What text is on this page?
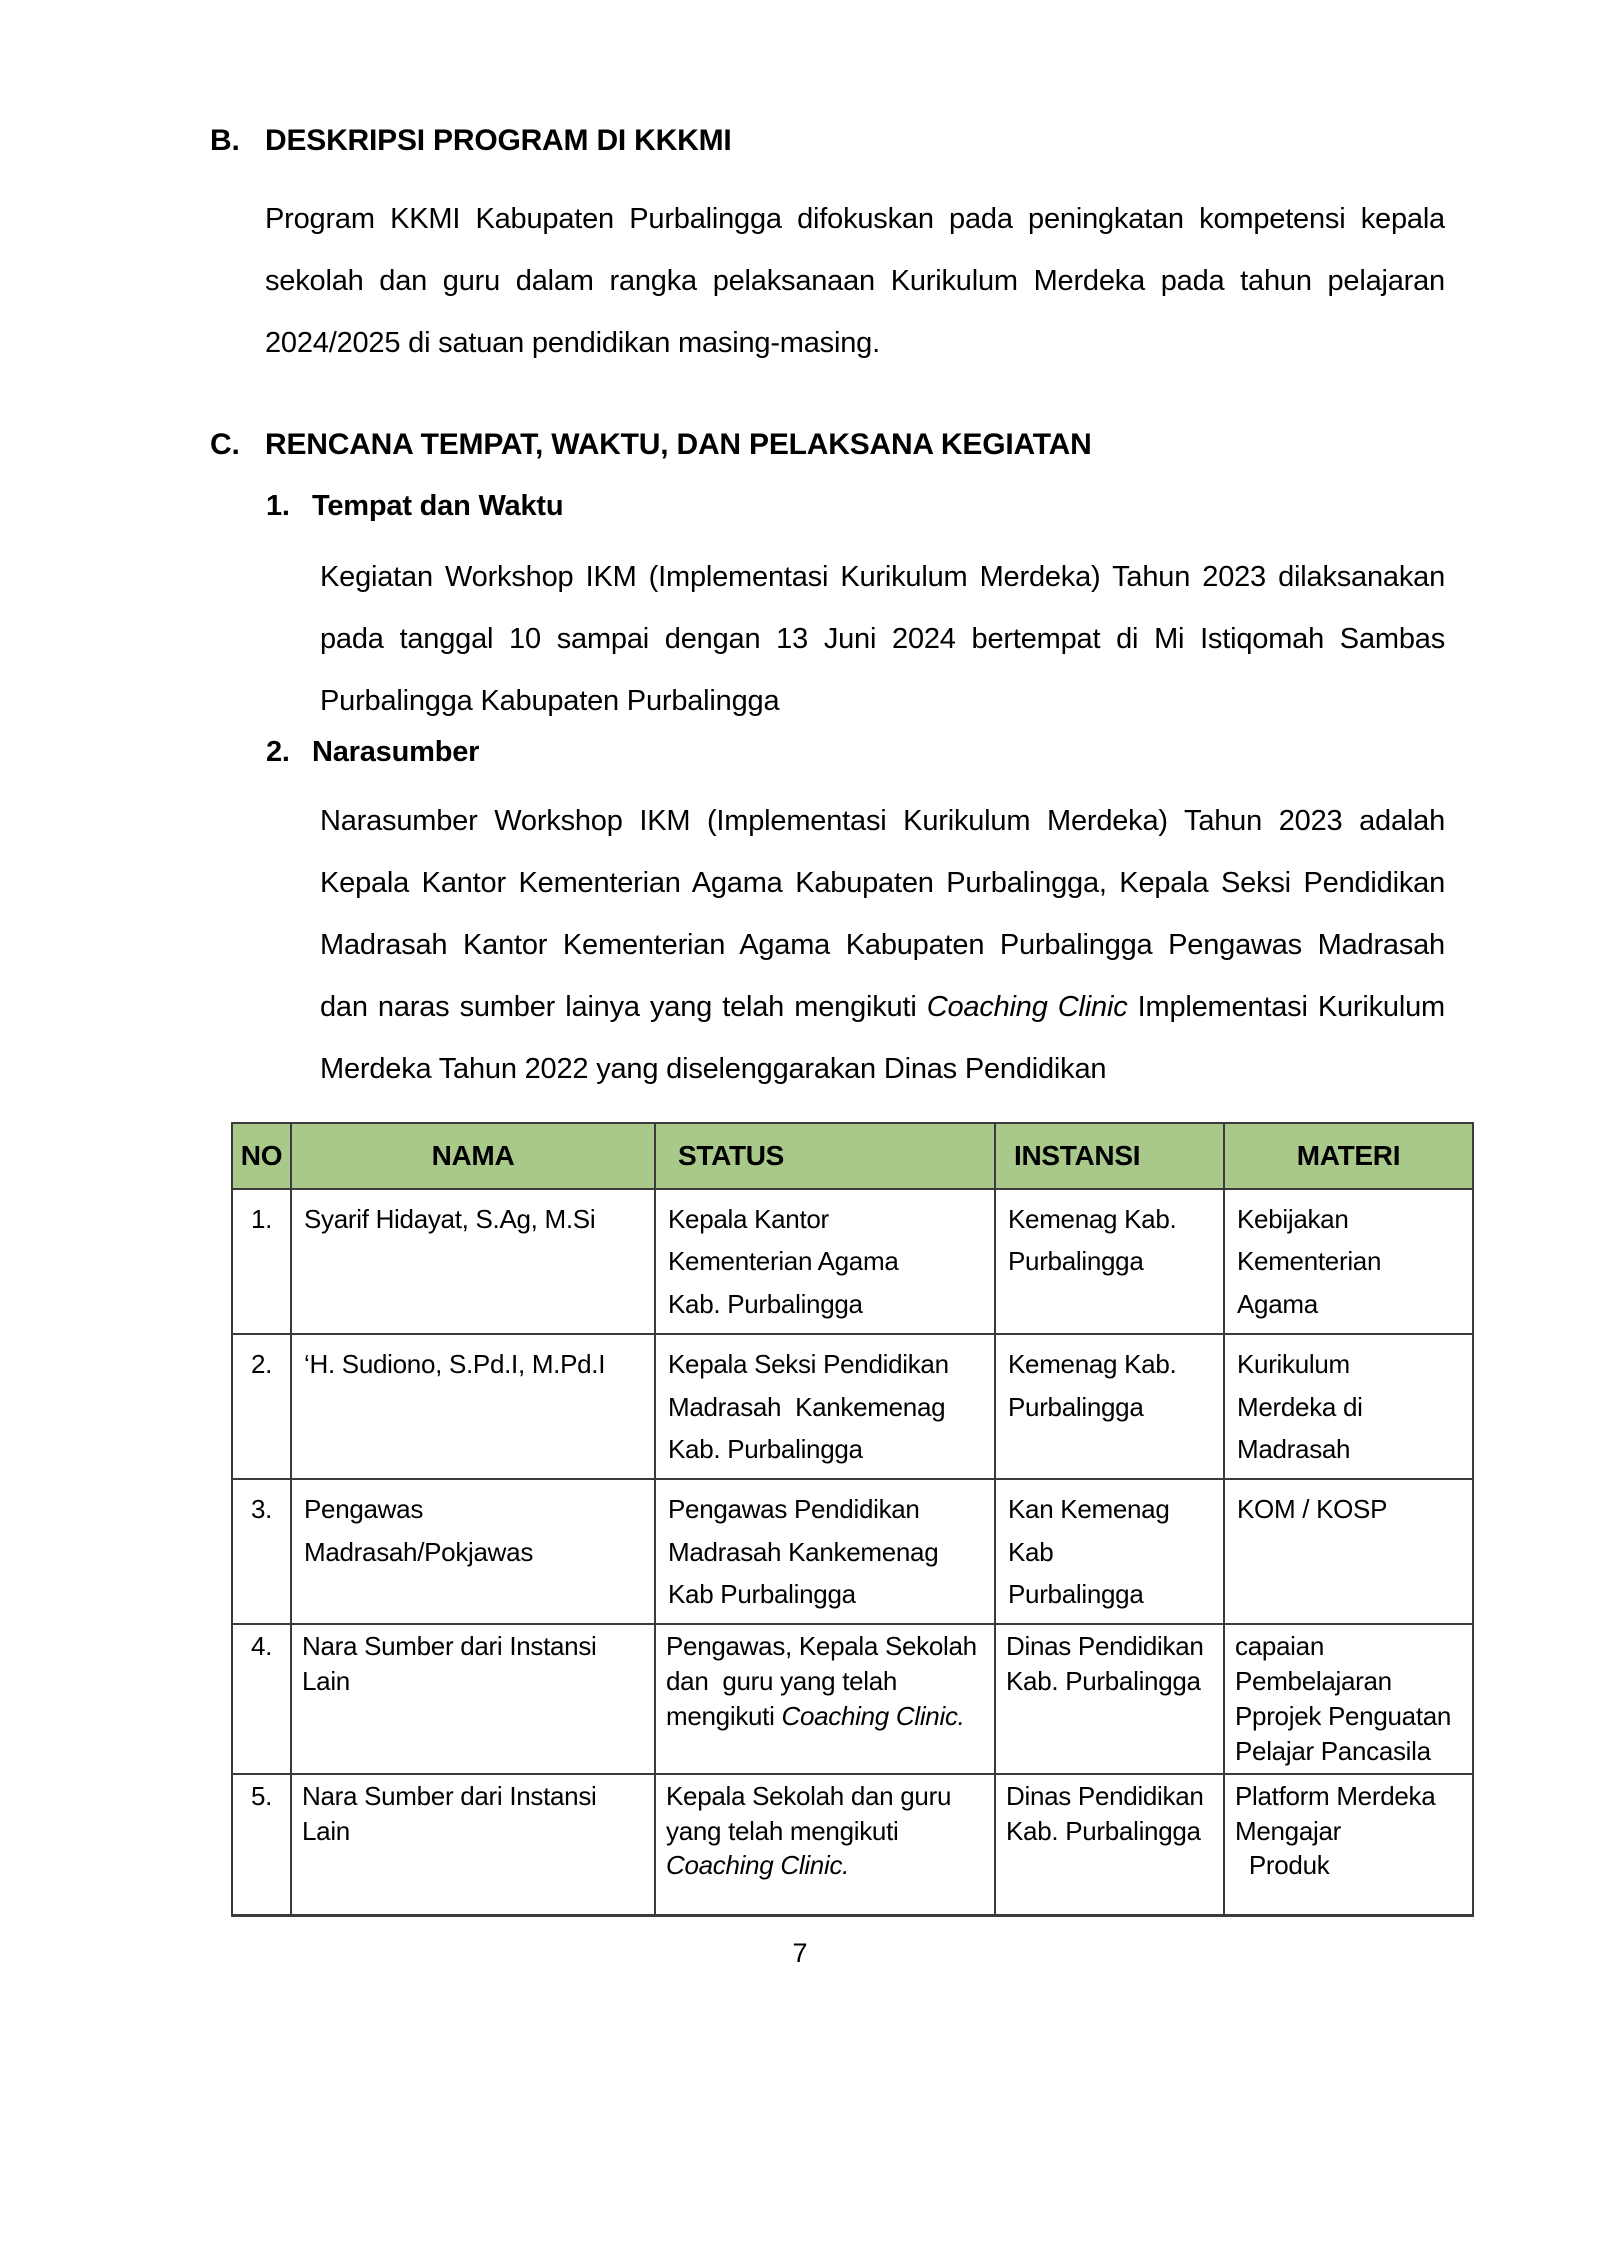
B. DESKRIPSI PROGRAM DI KKKMI
Program KKMI Kabupaten Purbalingga difokuskan pada peningkatan kompetensi kepala sekolah dan guru dalam rangka pelaksanaan Kurikulum Merdeka pada tahun pelajaran 2024/2025 di satuan pendidikan masing-masing.
C. RENCANA TEMPAT, WAKTU, DAN PELAKSANA KEGIATAN
1. Tempat dan Waktu
Kegiatan Workshop IKM (Implementasi Kurikulum Merdeka) Tahun 2023 dilaksanakan pada tanggal 10 sampai dengan 13 Juni 2024 bertempat di Mi Istiqomah Sambas Purbalingga Kabupaten Purbalingga
2. Narasumber
Narasumber Workshop IKM (Implementasi Kurikulum Merdeka) Tahun 2023 adalah Kepala Kantor Kementerian Agama Kabupaten Purbalingga, Kepala Seksi Pendidikan Madrasah Kantor Kementerian Agama Kabupaten Purbalingga Pengawas Madrasah dan naras sumber lainya yang telah mengikuti Coaching Clinic Implementasi Kurikulum Merdeka Tahun 2022 yang diselenggarakan Dinas Pendidikan
NO	NAMA	STATUS	INSTANSI	MATERI
1.	Syarif Hidayat, S.Ag, M.Si	Kepala Kantor
Kementerian Agama
Kab. Purbalingga	Kemenag Kab.
Purbalingga	Kebijakan
Kementerian
Agama
2.	‘H. Sudiono, S.Pd.I, M.Pd.I	Kepala Seksi Pendidikan
Madrasah  Kankemenag
Kab. Purbalingga	Kemenag Kab.
Purbalingga	Kurikulum
Merdeka di
Madrasah
3.	Pengawas
Madrasah/Pokjawas	Pengawas Pendidikan
Madrasah Kankemenag
Kab Purbalingga	Kan Kemenag
Kab
Purbalingga	KOM / KOSP
4.	Nara Sumber dari Instansi
Lain	Pengawas, Kepala Sekolah
dan  guru yang telah
mengikuti Coaching Clinic.	Dinas Pendidikan
Kab. Purbalingga	capaian
Pembelajaran
Pprojek Penguatan
Pelajar Pancasila
5.	Nara Sumber dari Instansi
Lain	Kepala Sekolah dan guru
yang telah mengikuti
Coaching Clinic.	Dinas Pendidikan
Kab. Purbalingga	Platform Merdeka
Mengajar
Produk
7
